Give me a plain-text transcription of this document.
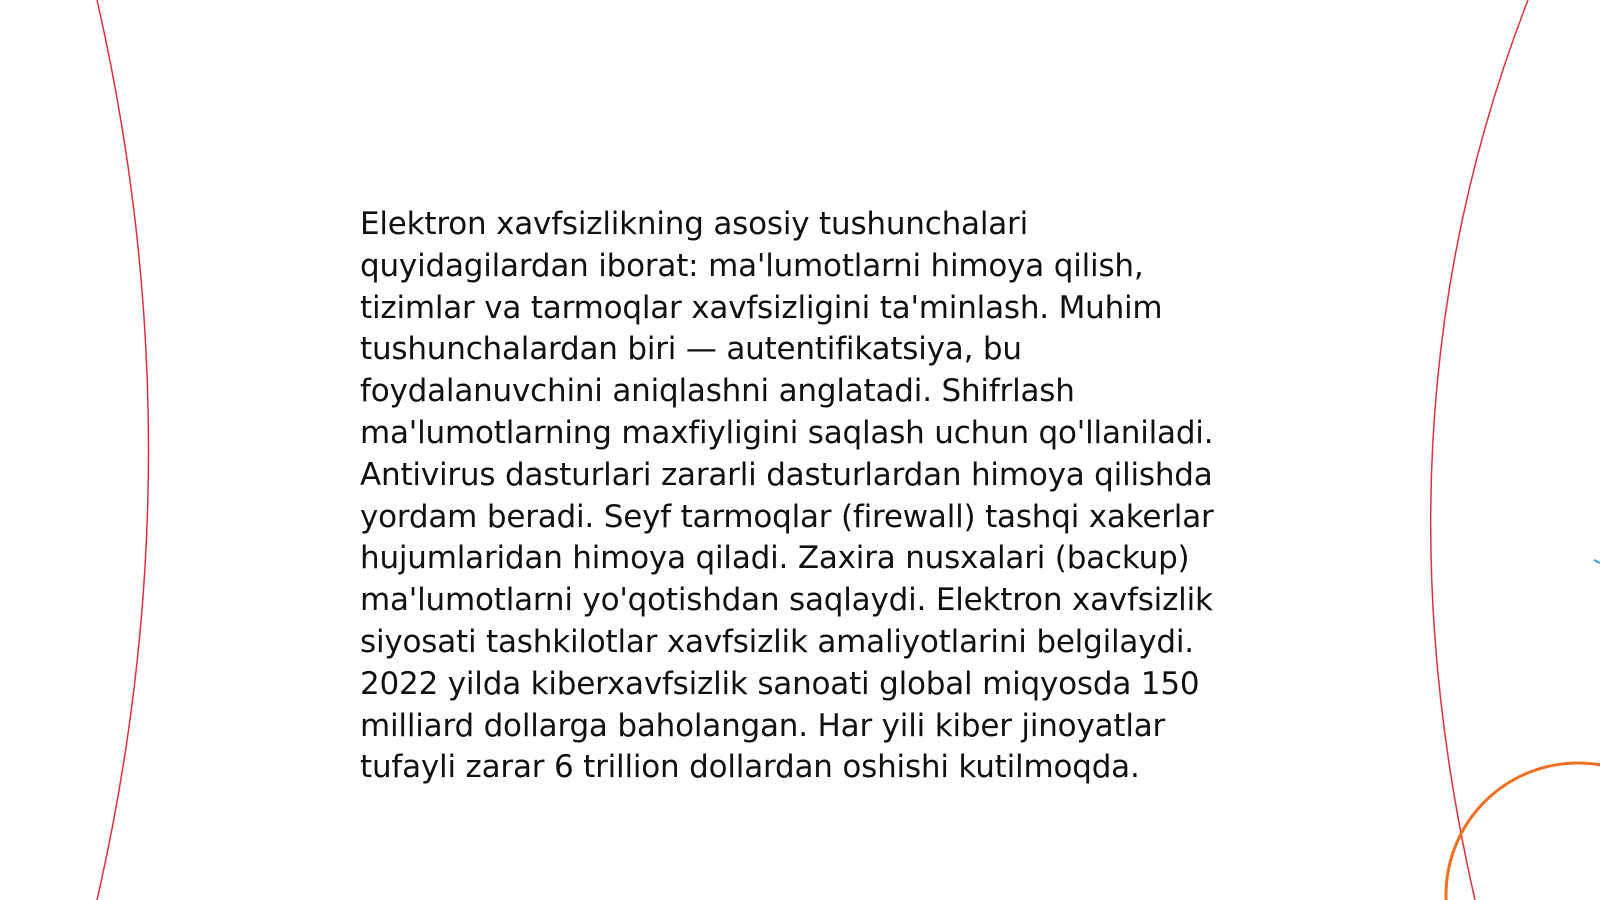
Elektron xavfsizlikning asosiy tushunchalari quyidagilardan iborat: ma'lumotlarni himoya qilish, tizimlar va tarmoqlar xavfsizligini ta'minlash. Muhim tushunchalardan biri — autentifikatsiya, bu foydalanuvchini aniqlashni anglatadi. Shifrlash ma'lumotlarning maxfiyligini saqlash uchun qo'llaniladi. Antivirus dasturlari zararli dasturlardan himoya qilishda yordam beradi. Seyf tarmoqlar (firewall) tashqi xakerlar hujumlaridan himoya qiladi. Zaxira nusxalari (backup) ma'lumotlarni yo'qotishdan saqlaydi. Elektron xavfsizlik siyosati tashkilotlar xavfsizlik amaliyotlarini belgilaydi. 2022 yilda kiberxavfsizlik sanoati global miqyosda 150 milliard dollarga baholangan. Har yili kiber jinoyatlar tufayli zarar 6 trillion dollardan oshishi kutilmoqda.
